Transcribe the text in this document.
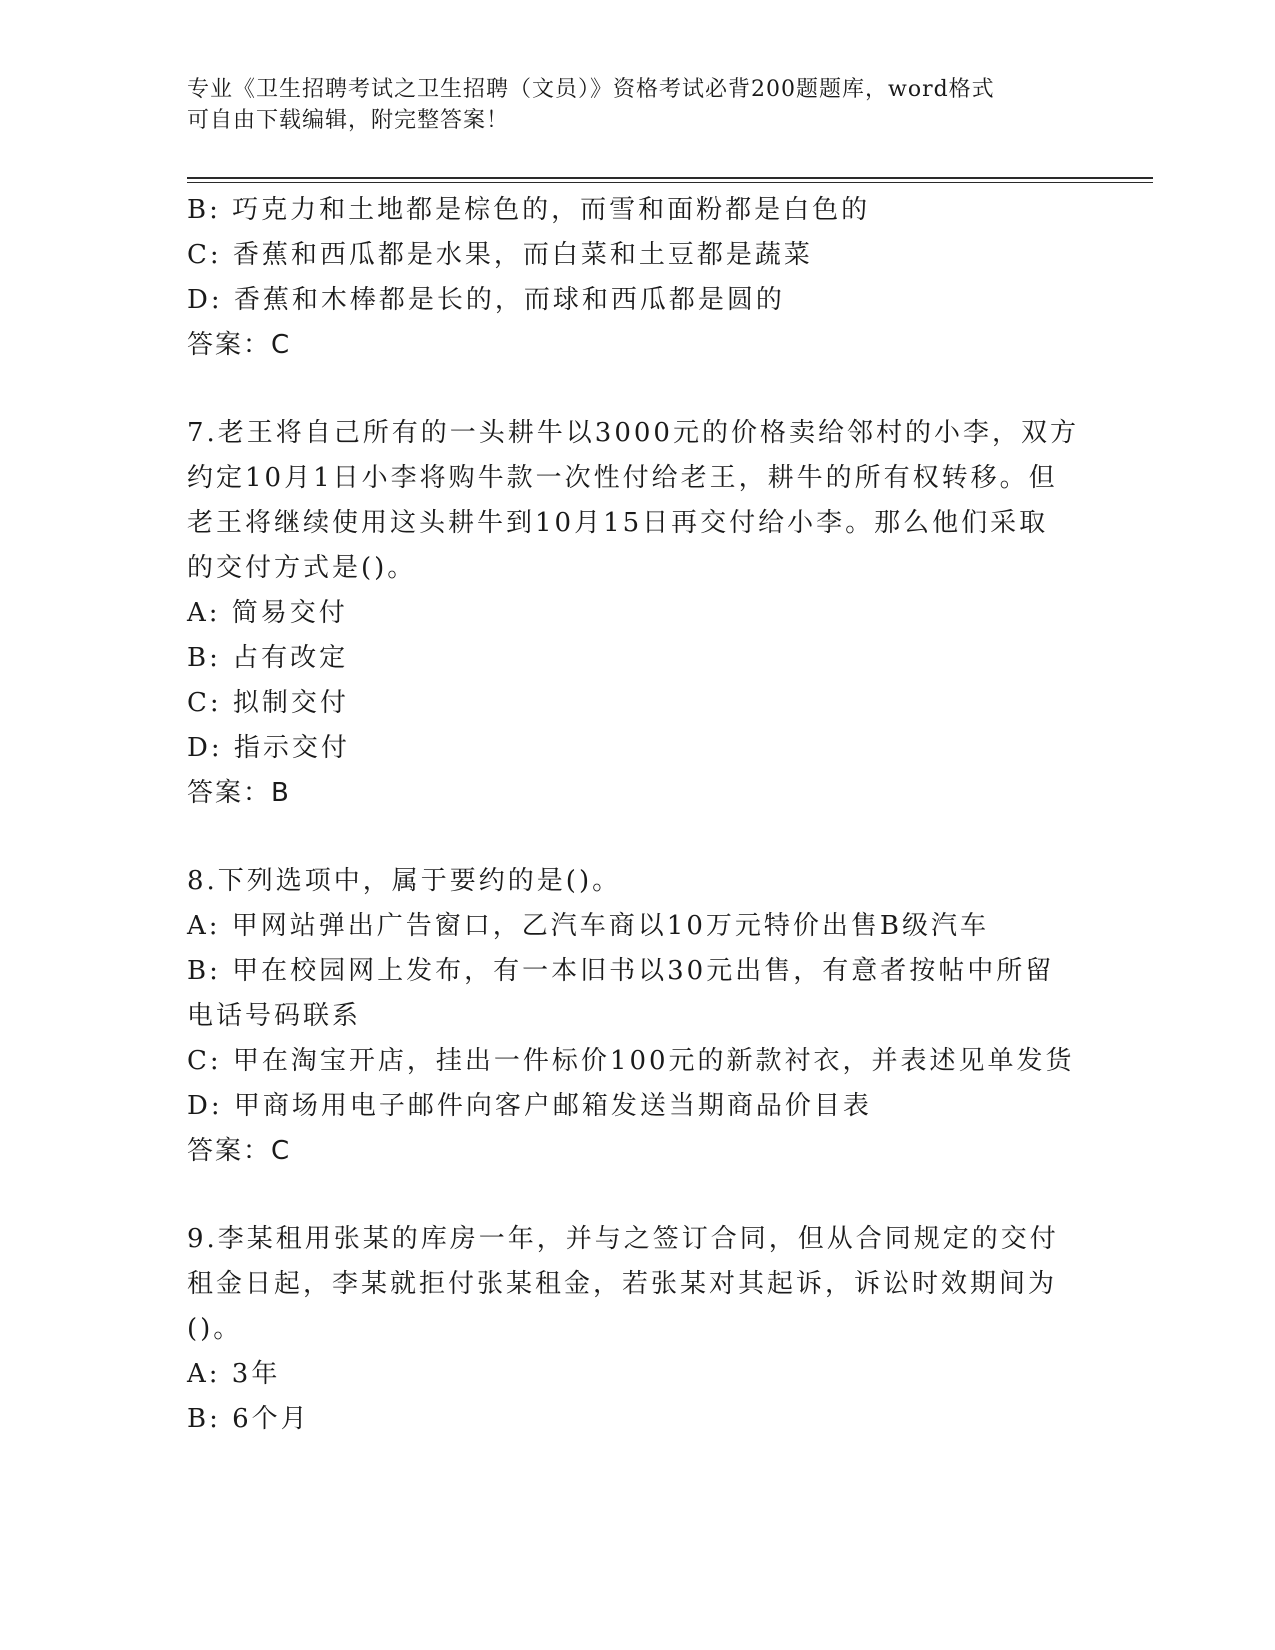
专业《卫生招聘考试之卫生招聘（文员）》资格考试必背200题题库，word格式
可自由下载编辑，附完整答案！
B: 巧克力和土地都是棕色的，而雪和面粉都是白色的
C: 香蕉和西瓜都是水果，而白菜和土豆都是蔬菜
D: 香蕉和木棒都是长的，而球和西瓜都是圆的
答案：C
7.老王将自己所有的一头耕牛以3000元的价格卖给邻村的小李，双方
约定10月1日小李将购牛款一次性付给老王，耕牛的所有权转移。但
老王将继续使用这头耕牛到10月15日再交付给小李。那么他们采取
的交付方式是()。
A: 简易交付
B: 占有改定
C: 拟制交付
D: 指示交付
答案：B
8.下列选项中，属于要约的是()。
A: 甲网站弹出广告窗口，乙汽车商以10万元特价出售B级汽车
B: 甲在校园网上发布，有一本旧书以30元出售，有意者按帖中所留
电话号码联系
C: 甲在淘宝开店，挂出一件标价100元的新款衬衣，并表述见单发货
D: 甲商场用电子邮件向客户邮箱发送当期商品价目表
答案：C
9.李某租用张某的库房一年，并与之签订合同，但从合同规定的交付
租金日起，李某就拒付张某租金，若张某对其起诉，诉讼时效期间为
()。
A: 3年
B: 6个月
